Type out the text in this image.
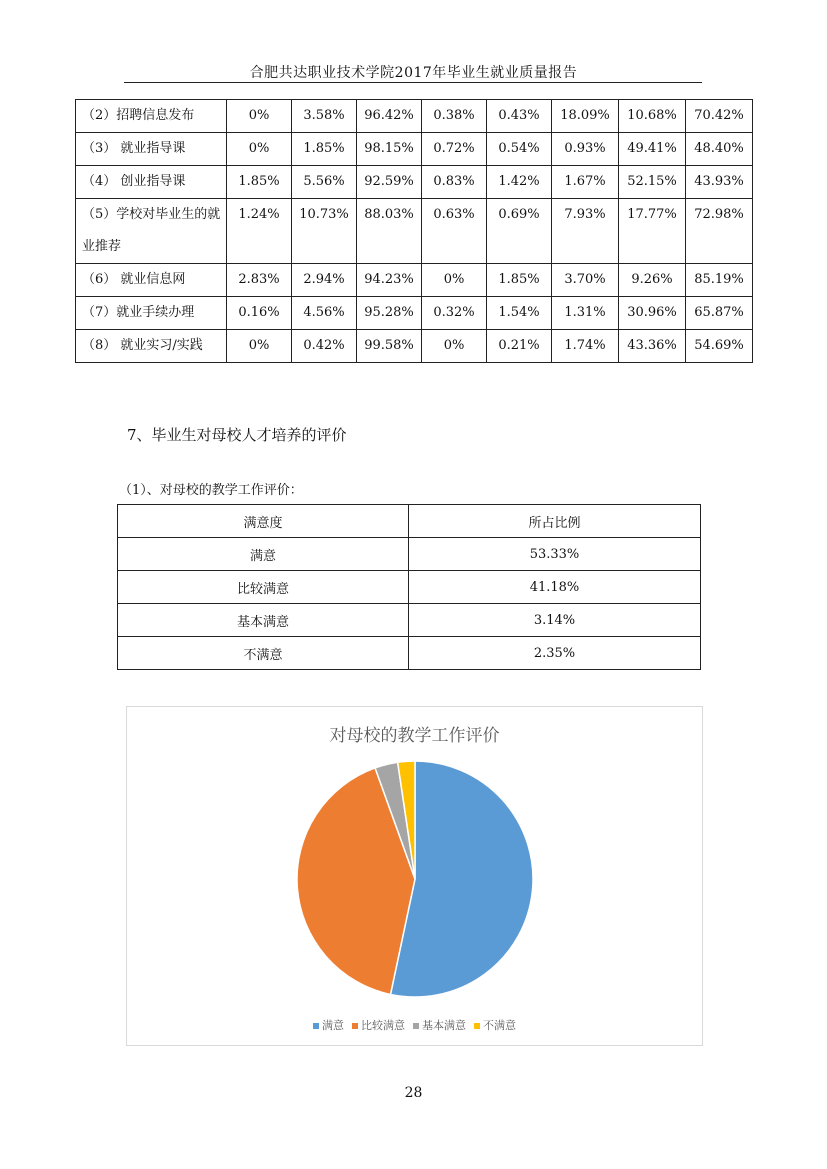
合肥共达职业技术学院2017年毕业生就业质量报告
（2）招聘信息发布	0%	3.58%	96.42%	0.38%	0.43%	18.09%	10.68%	70.42%
（3） 就业指导课	0%	1.85%	98.15%	0.72%	0.54%	0.93%	49.41%	48.40%
（4） 创业指导课	1.85%	5.56%	92.59%	0.83%	1.42%	1.67%	52.15%	43.93%
（5）学校对毕业生的就业推荐	1.24%	10.73%	88.03%	0.63%	0.69%	7.93%	17.77%	72.98%
（6） 就业信息网	2.83%	2.94%	94.23%	0%	1.85%	3.70%	9.26%	85.19%
（7）就业手续办理	0.16%	4.56%	95.28%	0.32%	1.54%	1.31%	30.96%	65.87%
（8） 就业实习/实践	0%	0.42%	99.58%	0%	0.21%	1.74%	43.36%	54.69%
7、毕业生对母校人才培养的评价
（1）、对母校的教学工作评价：
满意度	所占比例
满意	53.33%
比较满意	41.18%
基本满意	3.14%
不满意	2.35%
对母校的教学工作评价
满意 比较满意 基本满意 不满意
28
